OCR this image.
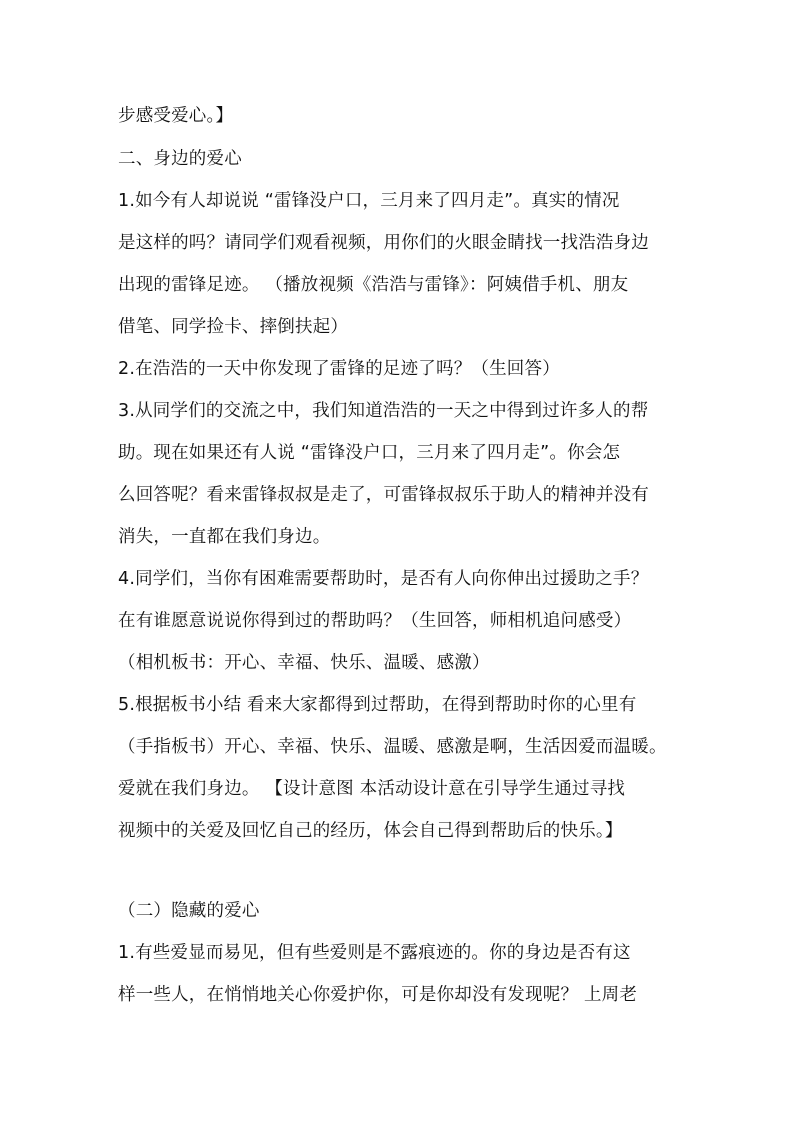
步感受爱心。】
二、身边的爱心
1.如今有人却说说 “雷锋没户口，三月来了四月走”。真实的情况
是这样的吗？请同学们观看视频，用你们的火眼金睛找一找浩浩身边
出现的雷锋足迹。 （播放视频《浩浩与雷锋》：阿姨借手机、朋友
借笔、同学捡卡、摔倒扶起）
2.在浩浩的一天中你发现了雷锋的足迹了吗？（生回答）
3.从同学们的交流之中，我们知道浩浩的一天之中得到过许多人的帮
助。现在如果还有人说 “雷锋没户口，三月来了四月走”。你会怎
么回答呢？看来雷锋叔叔是走了，可雷锋叔叔乐于助人的精神并没有
消失，一直都在我们身边。
4.同学们，当你有困难需要帮助时，是否有人向你伸出过援助之手？
在有谁愿意说说你得到过的帮助吗？（生回答，师相机追问感受）
（相机板书：开心、幸福、快乐、温暖、感激）
5.根据板书小结 看来大家都得到过帮助，在得到帮助时你的心里有
（手指板书）开心、幸福、快乐、温暖、感激是啊，生活因爱而温暖。
爱就在我们身边。 【设计意图 本活动设计意在引导学生通过寻找
视频中的关爱及回忆自己的经历，体会自己得到帮助后的快乐。】
（二）隐藏的爱心
1.有些爱显而易见，但有些爱则是不露痕迹的。你的身边是否有这
样一些人，在悄悄地关心你爱护你，可是你却没有发现呢？ 上周老
